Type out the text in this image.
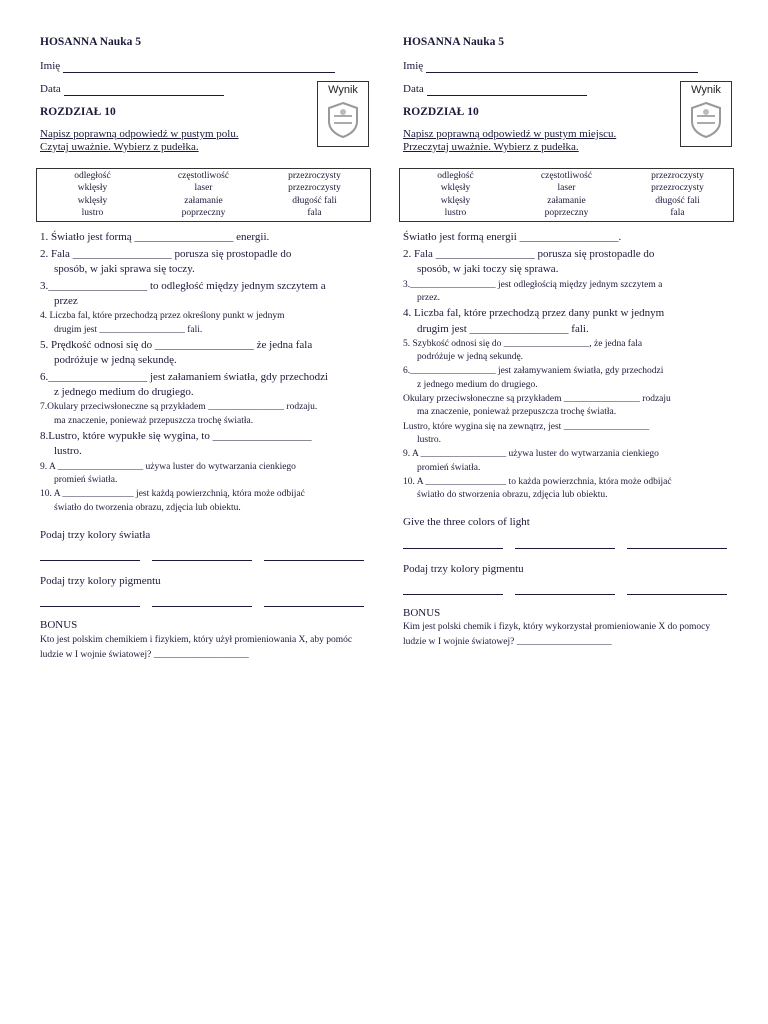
HOSANNA Nauka 5
Imię
Data	Wynik
ROZDZIAŁ 10

Napisz poprawną odpowiedź w pustym polu.

Czytaj uważnie. Wybierz z pudełka.

odległość	częstotliwość	przezroczysty
wklęsły	laser	przezroczysty
wklęsły	załamanie	długość fali
lustro	poprzeczny	fala
1. Światło jest formą __________________ energii.
2. Fala __________________ porusza się prostopadle do
sposób, w jaki sprawa się toczy.
3.__________________ to odległość między jednym szczytem a
przez
4. Liczba fal, które przechodzą przez określony punkt w jednym
drugim jest __________________ fali.
5. Prędkość odnosi się do __________________ że jedna fala
podróżuje w jedną sekundę.
6.__________________ jest załamaniem światła, gdy przechodzi
z jednego medium do drugiego.
7.Okulary przeciwsłoneczne są przykładem ________________ rodzaju.
ma znaczenie, ponieważ przepuszcza trochę światła.
8.Lustro, które wypukłe się wygina, to __________________
lustro.
9. A __________________ używa luster do wytwarzania cienkiego
promień światła.
10. A _______________ jest każdą powierzchnią, która może odbijać
światło do tworzenia obrazu, zdjęcia lub obiektu.
Podaj trzy kolory światła
Podaj trzy kolory pigmentu
BONUS
Kto jest polskim chemikiem i fizykiem, który użył promieniowania X, aby pomóc
ludzie w I wojnie światowej? ____________________
HOSANNA Nauka 5
Imię
Data	Wynik
ROZDZIAŁ 10

Napisz poprawną odpowiedź w pustym miejscu.

Przeczytaj uważnie. Wybierz z pudełka.

odległość	częstotliwość	przezroczysty
wklęsły	laser	przezroczysty
wklęsły	załamanie	długość fali
lustro	poprzeczny	fala
Światło jest formą energii __________________.
2. Fala __________________ porusza się prostopadle do
sposób, w jaki toczy się sprawa.
3.__________________ jest odległością między jednym szczytem a
przez.
4. Liczba fal, które przechodzą przez dany punkt w jednym
drugim jest __________________ fali.
5. Szybkość odnosi się do __________________, że jedna fala
podróżuje w jedną sekundę.
6.__________________ jest załamywaniem światła, gdy przechodzi
z jednego medium do drugiego.
Okulary przeciwsłoneczne są przykładem ________________ rodzaju
ma znaczenie, ponieważ przepuszcza trochę światła.
Lustro, które wygina się na zewnątrz, jest __________________
lustro.
9. A __________________ używa luster do wytwarzania cienkiego
promień światła.
10. A _________________ to każda powierzchnia, która może odbijać
światło do stworzenia obrazu, zdjęcia lub obiektu.
Give the three colors of light
Podaj trzy kolory pigmentu
BONUS
Kim jest polski chemik i fizyk, który wykorzystał promieniowanie X do pomocy
ludzie w I wojnie światowej? ____________________
